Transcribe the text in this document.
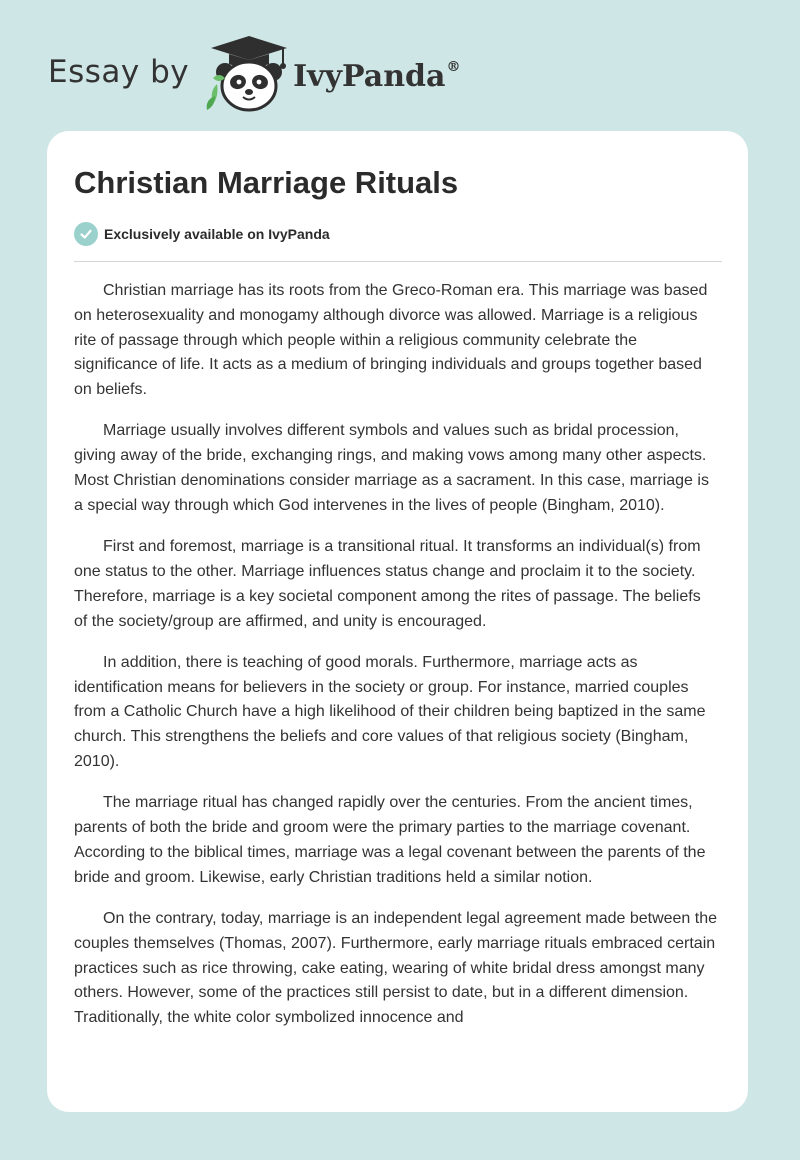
Essay by	IvyPanda®
Christian Marriage Rituals
Exclusively available on IvyPanda

Christian marriage has its roots from the Greco-Roman era. This marriage was based on heterosexuality and monogamy although divorce was allowed. Marriage is a religious rite of passage through which people within a religious community celebrate the significance of life. It acts as a medium of bringing individuals and groups together based on beliefs.

Marriage usually involves different symbols and values such as bridal procession, giving away of the bride, exchanging rings, and making vows among many other aspects. Most Christian denominations consider marriage as a sacrament. In this case, marriage is a special way through which God intervenes in the lives of people (Bingham, 2010).

First and foremost, marriage is a transitional ritual. It transforms an individual(s) from one status to the other. Marriage influences status change and proclaim it to the society. Therefore, marriage is a key societal component among the rites of passage. The beliefs of the society/group are affirmed, and unity is encouraged.

In addition, there is teaching of good morals. Furthermore, marriage acts as identification means for believers in the society or group. For instance, married couples from a Catholic Church have a high likelihood of their children being baptized in the same church. This strengthens the beliefs and core values of that religious society (Bingham, 2010).

The marriage ritual has changed rapidly over the centuries. From the ancient times, parents of both the bride and groom were the primary parties to the marriage covenant. According to the biblical times, marriage was a legal covenant between the parents of the bride and groom. Likewise, early Christian traditions held a similar notion.

On the contrary, today, marriage is an independent legal agreement made between the couples themselves (Thomas, 2007). Furthermore, early marriage rituals embraced certain practices such as rice throwing, cake eating, wearing of white bridal dress amongst many others. However, some of the practices still persist to date, but in a different dimension. Traditionally, the white color symbolized innocence and
